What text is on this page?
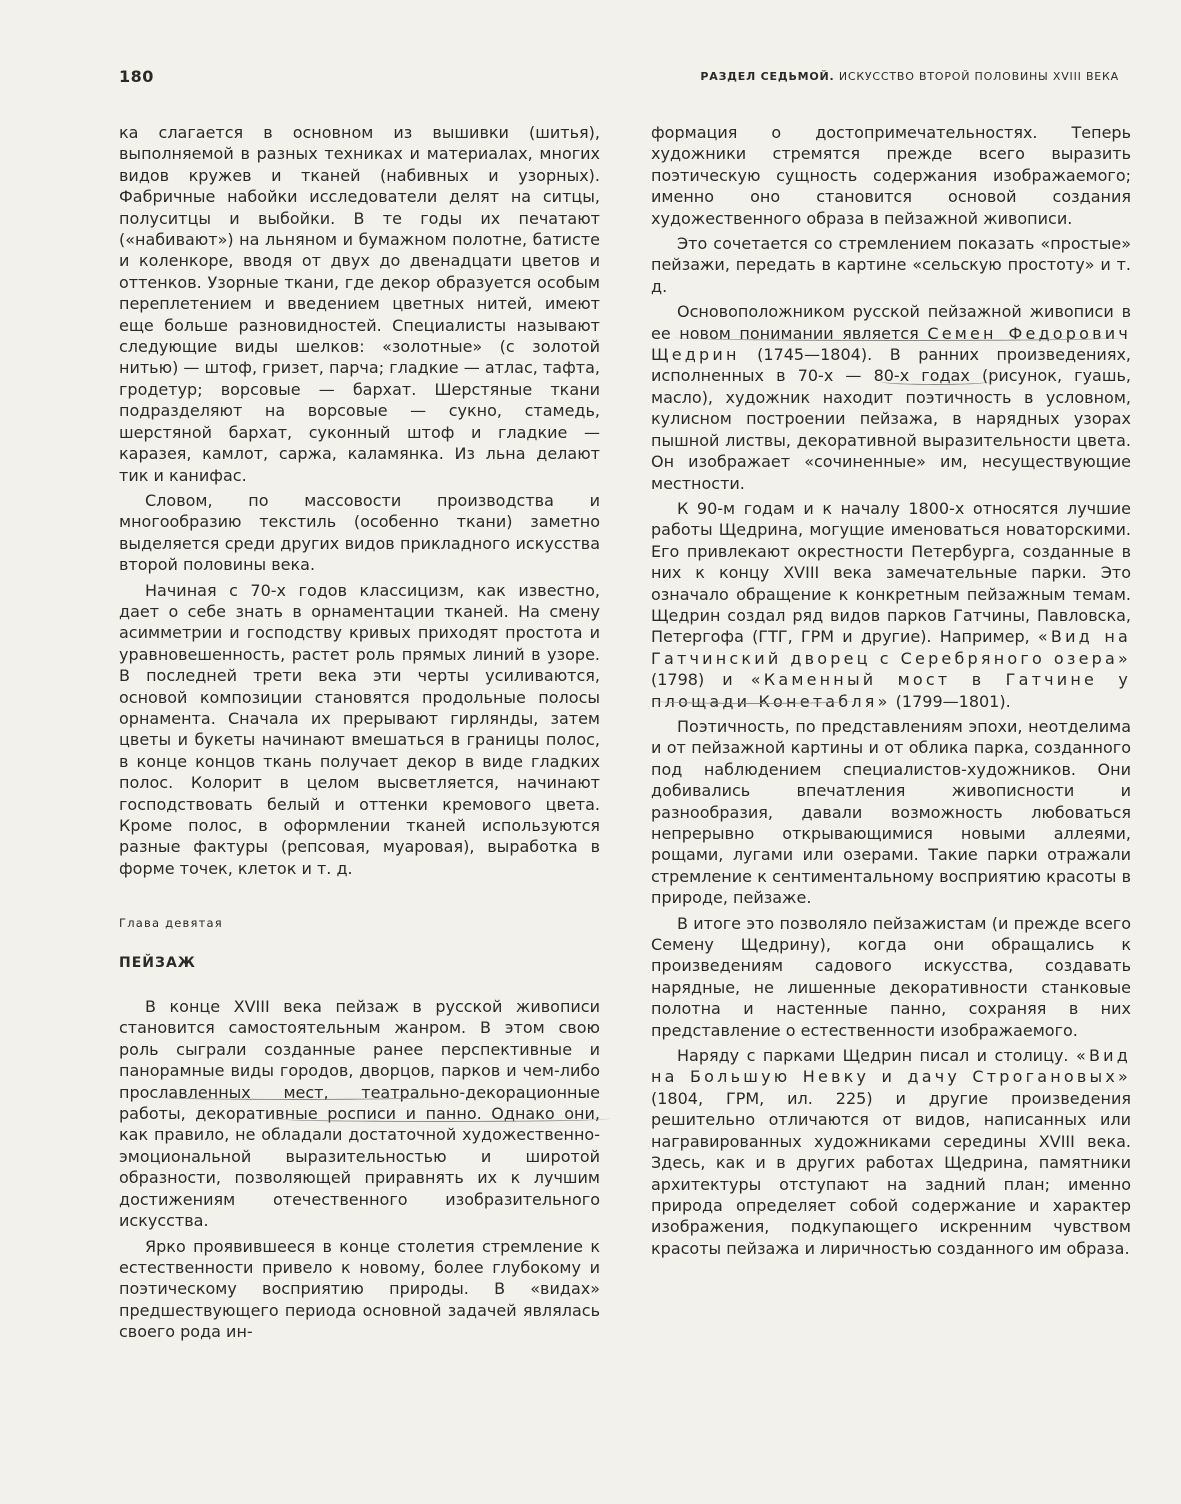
180	РАЗДЕЛ СЕДЬМОЙ. ИСКУССТВО ВТОРОЙ ПОЛОВИНЫ XVIII ВЕКА

ка слагается в основном из вышивки (шитья), выполняемой в разных техниках и материалах, многих видов кружев и тканей (набивных и узорных). Фабричные набойки исследователи делят на ситцы, полуситцы и выбойки. В те годы их печатают («набивают») на льняном и бумажном полотне, батисте и коленкоре, вводя от двух до двенадцати цветов и оттенков. Узорные ткани, где декор образуется особым переплетением и введением цветных нитей, имеют еще больше разновидностей. Специалисты называют следующие виды шелков: «золотные» (с золотой нитью) — штоф, гризет, парча; гладкие — атлас, тафта, гродетур; ворсовые — бархат. Шерстяные ткани подразделяют на ворсовые — сукно, стамедь, шерстяной бархат, суконный штоф и гладкие — каразея, камлот, саржа, каламянка. Из льна делают тик и канифас.

Словом, по массовости производства и многообразию текстиль (особенно ткани) заметно выделяется среди других видов прикладного искусства второй половины века.

Начиная с 70-х годов классицизм, как известно, дает о себе знать в орнаментации тканей. На смену асимметрии и господству кривых приходят простота и уравновешенность, растет роль прямых линий в узоре. В последней трети века эти черты усиливаются, основой композиции становятся продольные полосы орнамента. Сначала их прерывают гирлянды, затем цветы и букеты начинают вмешаться в границы полос, в конце концов ткань получает декор в виде гладких полос. Колорит в целом высветляется, начинают господствовать белый и оттенки кремового цвета. Кроме полос, в оформлении тканей используются разные фактуры (репсовая, муаровая), выработка в форме точек, клеток и т. д.

Глава девятая
ПЕЙЗАЖ

В конце XVIII века пейзаж в русской живописи становится самостоятельным жанром. В этом свою роль сыграли созданные ранее перспективные и панорамные виды городов, дворцов, парков и чем-либо прославленных мест, театрально-декорационные работы, декоративные росписи и панно. Однако они, как правило, не обладали достаточной художественно-эмоциональной выразительностью и широтой образности, позволяющей приравнять их к лучшим достижениям отечественного изобразительного искусства.

Ярко проявившееся в конце столетия стремление к естественности привело к новому, более глубокому и поэтическому восприятию природы. В «видах» предшествующего периода основной задачей являлась своего рода ин-

формация о достопримечательностях. Теперь художники стремятся прежде всего выразить поэтическую сущность содержания изображаемого; именно оно становится основой создания художественного образа в пейзажной живописи.

Это сочетается со стремлением показать «простые» пейзажи, передать в картине «сельскую простоту» и т. д.

Основоположником русской пейзажной живописи в ее новом понимании является Семен Федорович Щедрин (1745—1804). В ранних произведениях, исполненных в 70-х — 80-х годах (рисунок, гуашь, масло), художник находит поэтичность в условном, кулисном построении пейзажа, в нарядных узорах пышной листвы, декоративной выразительности цвета. Он изображает «сочиненные» им, несуществующие местности.

К 90-м годам и к началу 1800-х относятся лучшие работы Щедрина, могущие именоваться новаторскими. Его привлекают окрестности Петербурга, созданные в них к концу XVIII века замечательные парки. Это означало обращение к конкретным пейзажным темам. Щедрин создал ряд видов парков Гатчины, Павловска, Петергофа (ГТГ, ГРМ и другие). Например, «Вид на Гатчинский дворец с Серебряного озера» (1798) и «Каменный мост в Гатчине у площади Конетабля» (1799—1801).

Поэтичность, по представлениям эпохи, неотделима и от пейзажной картины и от облика парка, созданного под наблюдением специалистов-художников. Они добивались впечатления живописности и разнообразия, давали возможность любоваться непрерывно открывающимися новыми аллеями, рощами, лугами или озерами. Такие парки отражали стремление к сентиментальному восприятию красоты в природе, пейзаже.

В итоге это позволяло пейзажистам (и прежде всего Семену Щедрину), когда они обращались к произведениям садового искусства, создавать нарядные, не лишенные декоративности станковые полотна и настенные панно, сохраняя в них представление о естественности изображаемого.

Наряду с парками Щедрин писал и столицу. «Вид на Большую Невку и дачу Строгановых» (1804, ГРМ, ил. 225) и другие произведения решительно отличаются от видов, написанных или награвированных художниками середины XVIII века. Здесь, как и в других работах Щедрина, памятники архитектуры отступают на задний план; именно природа определяет собой содержание и характер изображения, подкупающего искренним чувством красоты пейзажа и лиричностью созданного им образа.
